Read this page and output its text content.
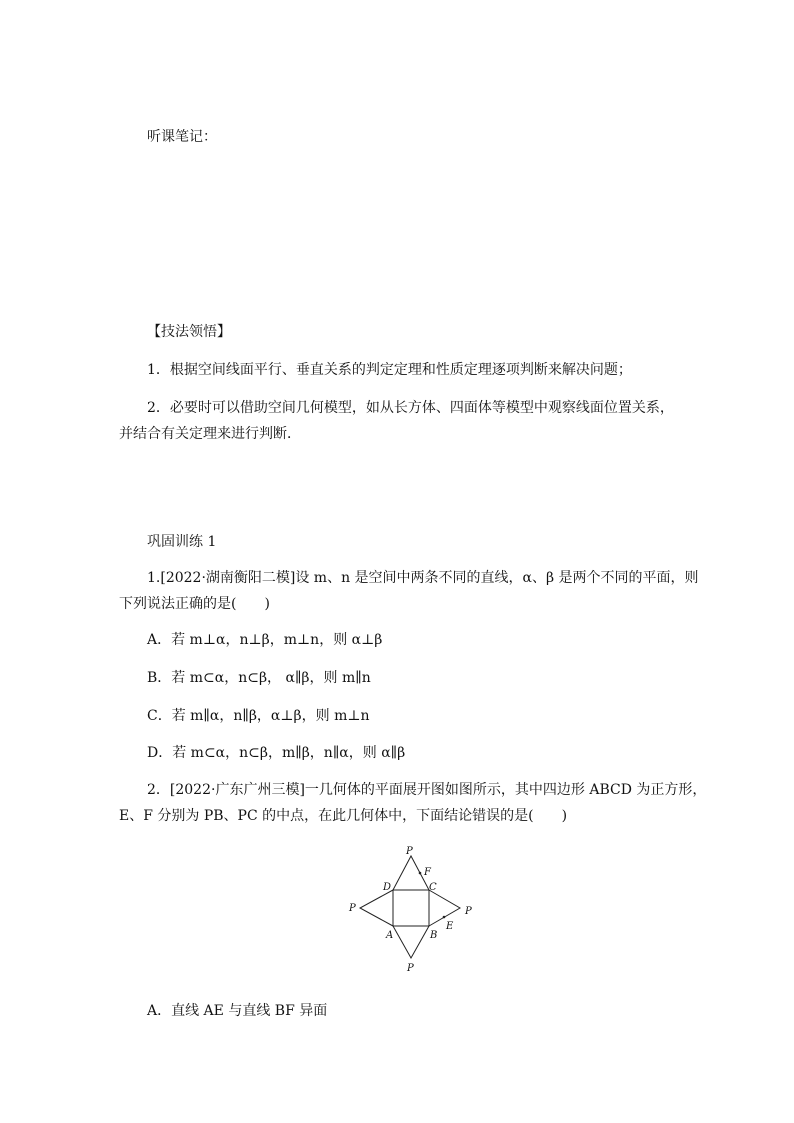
听课笔记：
【技法领悟】
1．根据空间线面平行、垂直关系的判定定理和性质定理逐项判断来解决问题；
2．必要时可以借助空间几何模型，如从长方体、四面体等模型中观察线面位置关系，
并结合有关定理来进行判断．
巩固训练 1
1.[2022·湖南衡阳二模]设 m、n 是空间中两条不同的直线，α、β 是两个不同的平面，则
下列说法正确的是(　　)
A．若 m⊥α，n⊥β，m⊥n，则 α⊥β
B．若 m⊂α，n⊂β， α∥β，则 m∥n
C．若 m∥α，n∥β，α⊥β，则 m⊥n
D．若 m⊂α，n⊂β，m∥β，n∥α，则 α∥β
2．[2022·广东广州三模]一几何体的平面展开图如图所示，其中四边形 ABCD 为正方形，
E、F 分别为 PB、PC 的中点，在此几何体中，下面结论错误的是(　　)
P
P	P
P
A	B
C
D
E
F
A．直线 AE 与直线 BF 异面
